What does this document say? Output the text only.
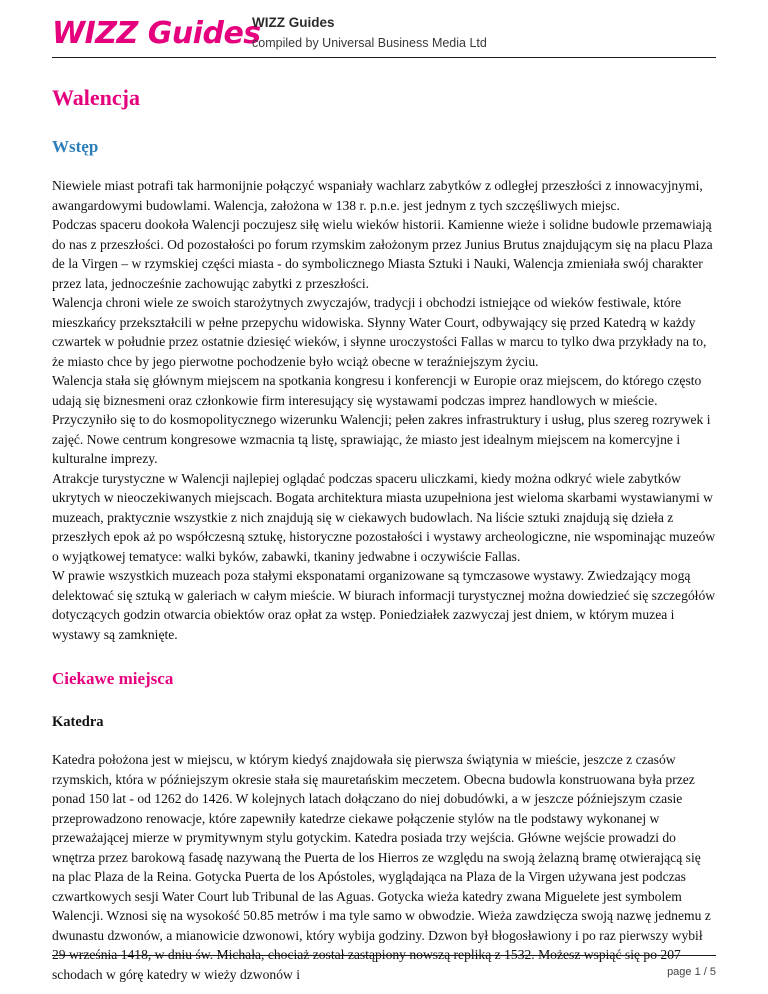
WIZZ Guides
WIZZ Guides
compiled by Universal Business Media Ltd
Walencja
Wstęp

Niewiele miast potrafi tak harmonijnie połączyć wspaniały wachlarz zabytków z odległej przeszłości z innowacyjnymi, awangardowymi budowlami. Walencja, założona w 138 r. p.n.e. jest jednym z tych szczęśliwych miejsc.

Podczas spaceru dookoła Walencji poczujesz siłę wielu wieków historii. Kamienne wieże i solidne budowle przemawiają do nas z przeszłości. Od pozostałości po forum rzymskim założonym przez Junius Brutus znajdującym się na placu Plaza de la Virgen – w rzymskiej części miasta - do symbolicznego Miasta Sztuki i Nauki, Walencja zmieniała swój charakter przez lata, jednocześnie zachowując zabytki z przeszłości.

Walencja chroni wiele ze swoich starożytnych zwyczajów, tradycji i obchodzi istniejące od wieków festiwale, które mieszkańcy przekształcili w pełne przepychu widowiska. Słynny Water Court, odbywający się przed Katedrą w każdy czwartek w południe przez ostatnie dziesięć wieków, i słynne uroczystości Fallas w marcu to tylko dwa przykłady na to, że miasto chce by jego pierwotne pochodzenie było wciąż obecne w teraźniejszym życiu.

Walencja stała się głównym miejscem na spotkania kongresu i konferencji w Europie oraz miejscem, do którego często udają się biznesmeni oraz członkowie firm interesujący się wystawami podczas imprez handlowych w mieście. Przyczyniło się to do kosmopolitycznego wizerunku Walencji; pełen zakres infrastruktury i usług, plus szereg rozrywek i zajęć. Nowe centrum kongresowe wzmacnia tą listę, sprawiając, że miasto jest idealnym miejscem na komercyjne i kulturalne imprezy.

Atrakcje turystyczne w Walencji najlepiej oglądać podczas spaceru uliczkami, kiedy można odkryć wiele zabytków ukrytych w nieoczekiwanych miejscach. Bogata architektura miasta uzupełniona jest wieloma skarbami wystawianymi w muzeach, praktycznie wszystkie z nich znajdują się w ciekawych budowlach. Na liście sztuki znajdują się dzieła z przeszłych epok aż po współczesną sztukę, historyczne pozostałości i wystawy archeologiczne, nie wspominając muzeów o wyjątkowej tematyce: walki byków, zabawki, tkaniny jedwabne i oczywiście Fallas.

W prawie wszystkich muzeach poza stałymi eksponatami organizowane są tymczasowe wystawy. Zwiedzający mogą delektować się sztuką w galeriach w całym mieście. W biurach informacji turystycznej można dowiedzieć się szczegółów dotyczących godzin otwarcia obiektów oraz opłat za wstęp. Poniedziałek zazwyczaj jest dniem, w którym muzea i wystawy są zamknięte.

Ciekawe miejsca
Katedra

Katedra położona jest w miejscu, w którym kiedyś znajdowała się pierwsza świątynia w mieście, jeszcze z czasów rzymskich, która w późniejszym okresie stała się mauretańskim meczetem. Obecna budowla konstruowana była przez ponad 150 lat - od 1262 do 1426. W kolejnych latach dołączano do niej dobudówki, a w jeszcze późniejszym czasie przeprowadzono renowacje, które zapewniły katedrze ciekawe połączenie stylów na tle podstawy wykonanej w przeważającej mierze w prymitywnym stylu gotyckim. Katedra posiada trzy wejścia. Główne wejście prowadzi do wnętrza przez barokową fasadę nazywaną the Puerta de los Hierros ze względu na swoją żelazną bramę otwierającą się na plac Plaza de la Reina. Gotycka Puerta de los Apóstoles, wyglądająca na Plaza de la Virgen używana jest podczas czwartkowych sesji Water Court lub Tribunal de las Aguas. Gotycka wieża katedry zwana Miguelete jest symbolem Walencji. Wznosi się na wysokość 50.85 metrów i ma tyle samo w obwodzie. Wieża zawdzięcza swoją nazwę jednemu z dwunastu dzwonów, a mianowicie dzwonowi, który wybija godziny. Dzwon był błogosławiony i po raz pierwszy wybił 29 września 1418, w dniu św. Michała, chociaż został zastąpiony nowszą repliką z 1532. Możesz wspiąć się po 207 schodach w górę katedry w wieży dzwonów i	page 1 / 5
